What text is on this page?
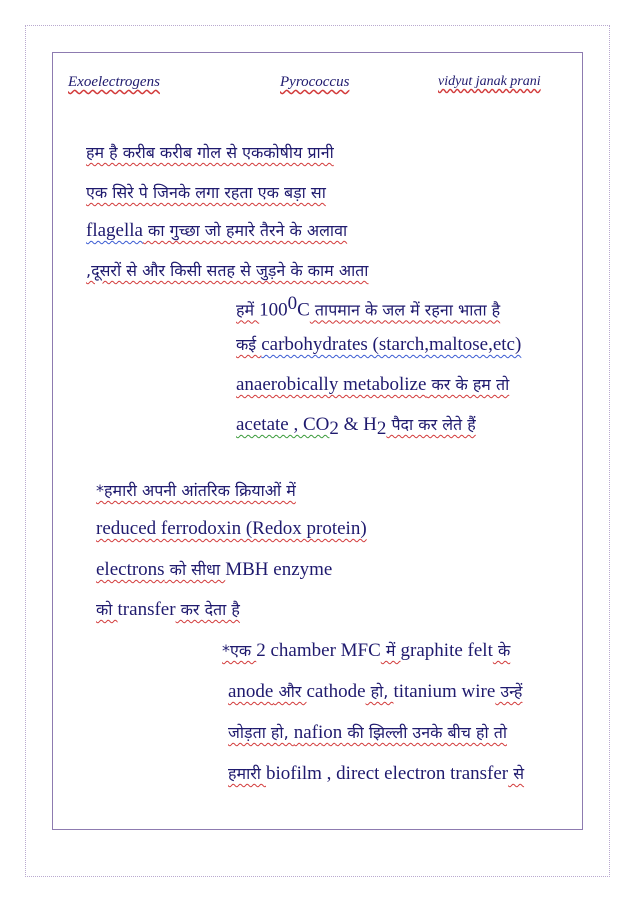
Exoelectrogens	Pyrococcus	vidyut janak prani
हम है करीब करीब गोल से एककोषीय प्रानी
एक सिरे पे जिनके लगा रहता एक बड़ा सा
flagella का गुच्छा जो हमारे तैरने के अलावा
,दूसरों से और किसी सतह से जुड़ने के काम आता
हमें $100^0C$ तापमान के जल में रहना भाता है
कई carbohydrates (starch,maltose,etc)
anaerobically metabolize कर के हम तो
acetate , $CO_2$ & $H_2$ पैदा कर लेते हैं
*हमारी अपनी आंतरिक क्रियाओं में
reduced ferrodoxin (Redox protein)
electrons को सीधा MBH enzyme
को transfer कर देता है
*एक 2 chamber MFC में graphite felt के
anode और cathode हो, titanium wire उन्हें
जोड़ता हो, nafion की झिल्ली उनके बीच हो तो
हमारी biofilm , direct electron transfer से
